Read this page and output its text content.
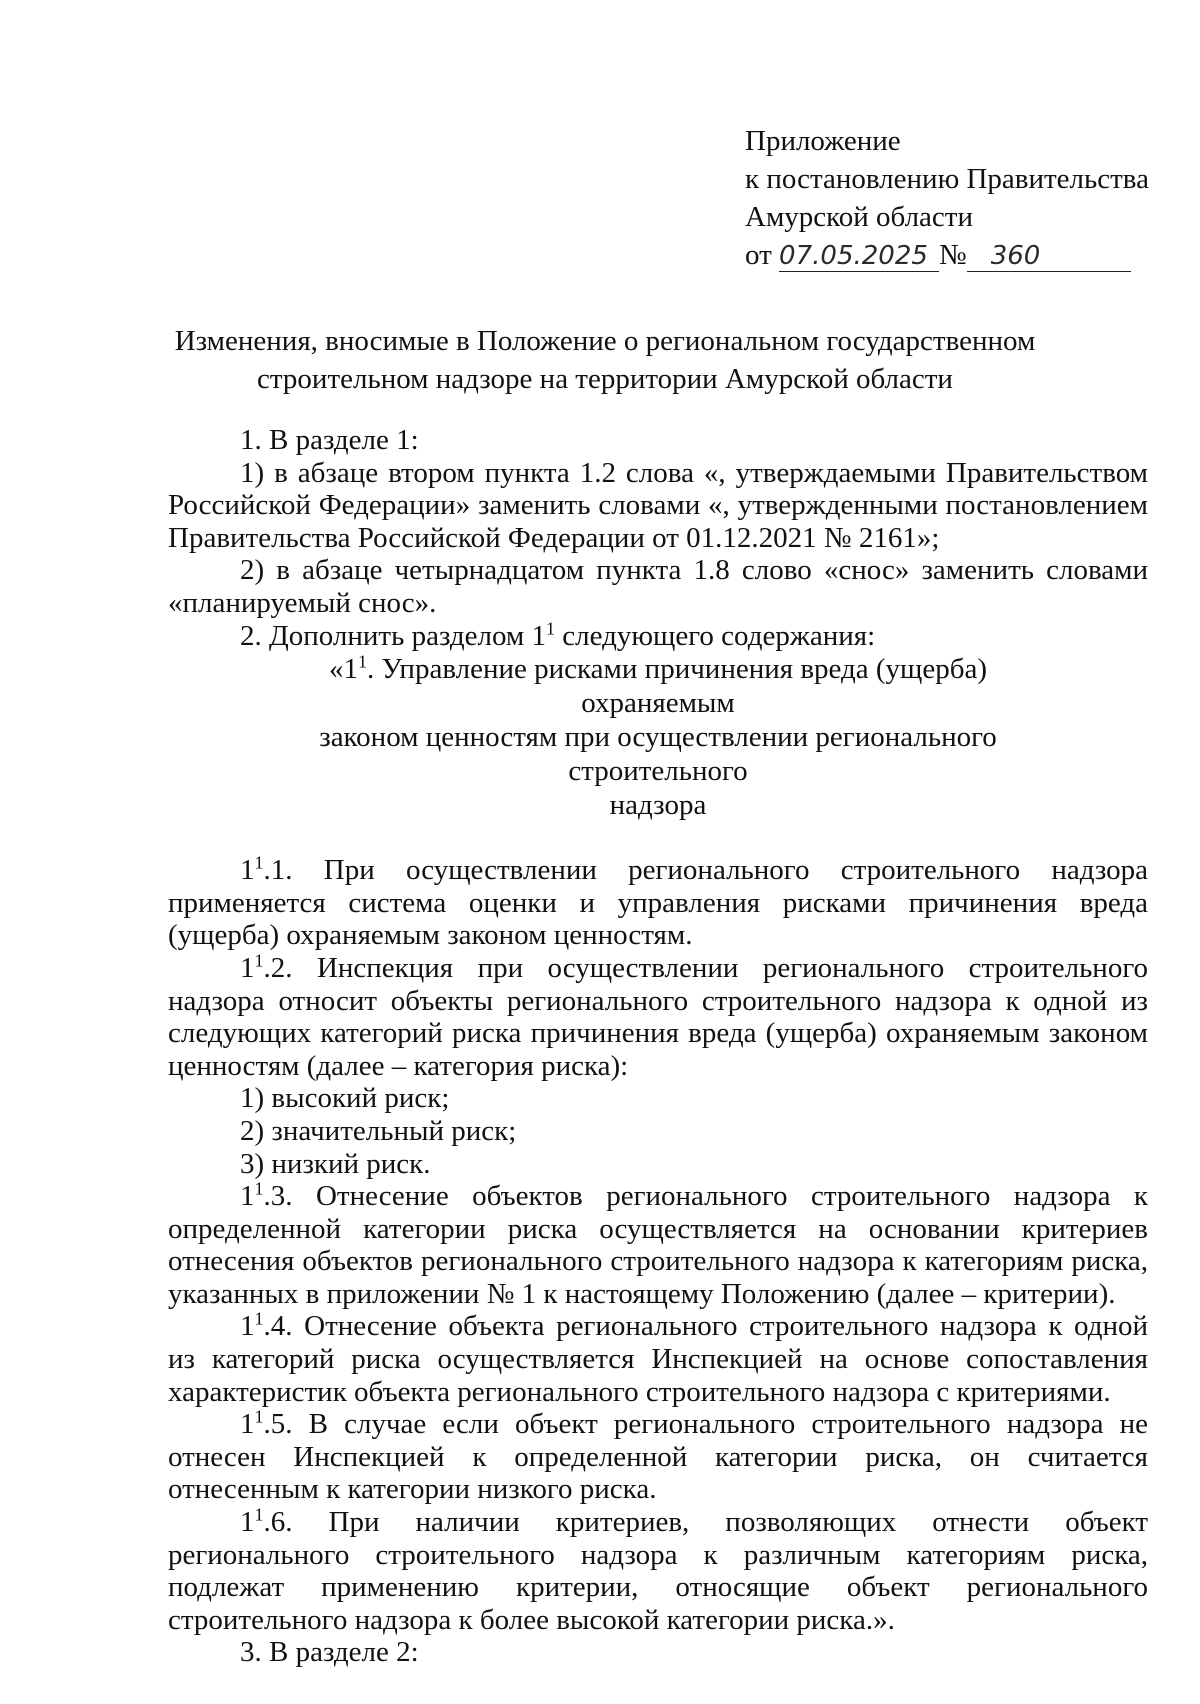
Приложение
к постановлению Правительства
Амурской области
от 07.05.2025 № 360
Изменения, вносимые в Положение о региональном государственном
строительном надзоре на территории Амурской области

1. В разделе 1:

1) в абзаце втором пункта 1.2 слова «, утверждаемыми Правительством Российской Федерации» заменить словами «, утвержденными постановлением Правительства Российской Федерации от 01.12.2021 № 2161»;

2) в абзаце четырнадцатом пункта 1.8 слово «снос» заменить словами «планируемый снос».

2. Дополнить разделом $1^1$ следующего содержания:

«$1^1$. Управление рисками причинения вреда (ущерба) охраняемым
законом ценностям при осуществлении регионального строительного
надзора

$1^1.1$. При осуществлении регионального строительного надзора применяется система оценки и управления рисками причинения вреда (ущерба) охраняемым законом ценностям.

$1^1.2$. Инспекция при осуществлении регионального строительного надзора относит объекты регионального строительного надзора к одной из следующих категорий риска причинения вреда (ущерба) охраняемым законом ценностям (далее – категория риска):

1) высокий риск;

2) значительный риск;

3) низкий риск.

$1^1.3$. Отнесение объектов регионального строительного надзора к определенной категории риска осуществляется на основании критериев отнесения объектов регионального строительного надзора к категориям риска, указанных в приложении № 1 к настоящему Положению (далее – критерии).

$1^1.4$. Отнесение объекта регионального строительного надзора к одной из категорий риска осуществляется Инспекцией на основе сопоставления характеристик объекта регионального строительного надзора с критериями.

$1^1.5$. В случае если объект регионального строительного надзора не отнесен Инспекцией к определенной категории риска, он считается отнесенным к категории низкого риска.

$1^1.6$. При наличии критериев, позволяющих отнести объект регионального строительного надзора к различным категориям риска, подлежат применению критерии, относящие объект регионального строительного надзора к более высокой категории риска.».

3. В разделе 2:
